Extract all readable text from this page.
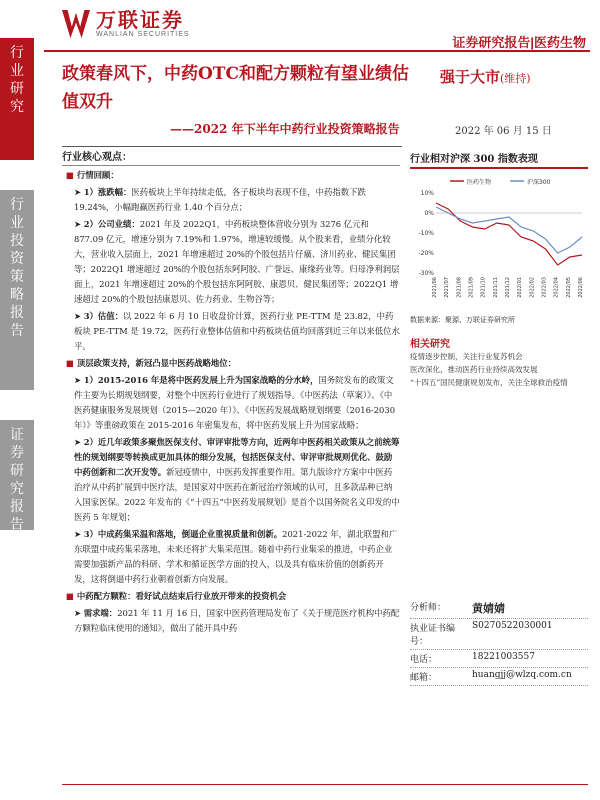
行
业
研
究
行
业
投
资
策
略
报
告
证
券
研
究
报
告
万联证券
WANLIAN SECURITIES
证券研究报告|医药生物
政策春风下，中药OTC和配方颗粒有望业绩估值双升
——2022 年下半年中药行业投资策略报告
强于大市(维持)
2022 年 06 月 15 日
行业核心观点：

■ 行情回顾：

➤ 1）涨跌幅：医药板块上半年持续走低，各子板块均表现不佳，中药指数下跌 19.24%，小幅跑赢医药行业 1.40 个百分点；

➤ 2）公司业绩：2021 年及 2022Q1，中药板块整体营收分别为 3276 亿元和 877.09 亿元，增速分别为 7.19%和 1.97%，增速较缓慢。从个股来看，业绩分化较大，营业收入层面上，2021 年增速超过 20%的个股包括片仔癀、济川药业、健民集团等；2022Q1 增速超过 20%的个股包括东阿阿胶、广誉远、康缘药业等。归母净利润层面上，2021 年增速超过 20%的个股包括东阿阿胶、康恩贝、健民集团等；2022Q1 增速超过 20%的个股包括康恩贝、佐力药业、生物谷等；

➤ 3）估值：以 2022 年 6 月 10 日收盘价计算，医药行业 PE-TTM 是 23.82，中药板块 PE-TTM 是 19.72，医药行业整体估值和中药板块估值均回落到近三年以来低位水平。

■ 顶层政策支持，新冠凸显中医药战略地位：

➤ 1）2015-2016 年是将中医药发展上升为国家战略的分水岭，国务院发布的政策文件主要为长期规划纲要，对整个中医药行业进行了规划指导。《中医药法（草案）》、《中医药健康服务发展规划（2015—2020 年）》、《中医药发展战略规划纲要（2016-2030年）》等重磅政策在 2015-2016 年密集发布，将中医药发展上升为国家战略；

➤ 2）近几年政策多聚焦医保支付、审评审批等方向，近两年中医药相关政策从之前统筹性的规划纲要等转换成更加具体的细分发展，包括医保支付、审评审批规则优化、鼓励中药创新和二次开发等。新冠疫情中，中医药发挥重要作用。第九版诊疗方案中中医药治疗从中药扩展到中医疗法，是国家对中医药在新冠治疗领域的认可，且多款品种已纳入国家医保。2022 年发布的《“十四五”中医药发展规划》是首个以国务院名义印发的中医药 5 年规划；

➤ 3）中成药集采温和落地，倒逼企业重视质量和创新。2021-2022 年，湖北联盟和广东联盟中成药集采落地，未来还将扩大集采范围。随着中药行业集采的推进，中药企业需要加强新产品的科研、学术和循证医学方面的投入，以及具有临床价值的创新药开发，这将倒逼中药行业朝着创新方向发展。

■ 中药配方颗粒：看好试点结束后行业放开带来的投资机会

➤ 需求端：2021 年 11 月 16 日，国家中医药管理局发布了《关于规范医疗机构中药配方颗粒临床使用的通知》，做出了能开具中药

行业相对沪深 300 指数表现
医药生物	沪深300
10%
0%
-10%
-20%
-30%
2021/06 2021/07 2021/08 2021/09 2021/10 2021/11 2021/12 2022/01 2022/02 2022/03 2022/04 2022/05 2022/06
数据来源：聚源、万联证券研究所
相关研究
疫情逐步控制，关注行业复苏机会
医改深化，推动医药行业持续高效发展
“十四五”国民健康规划发布，关注全球救治疫情
分析师：	黄婧婧
执业证书编号：
S0270522030001
电话：	18221003557
邮箱：	huangjj@wlzq.com.cn
